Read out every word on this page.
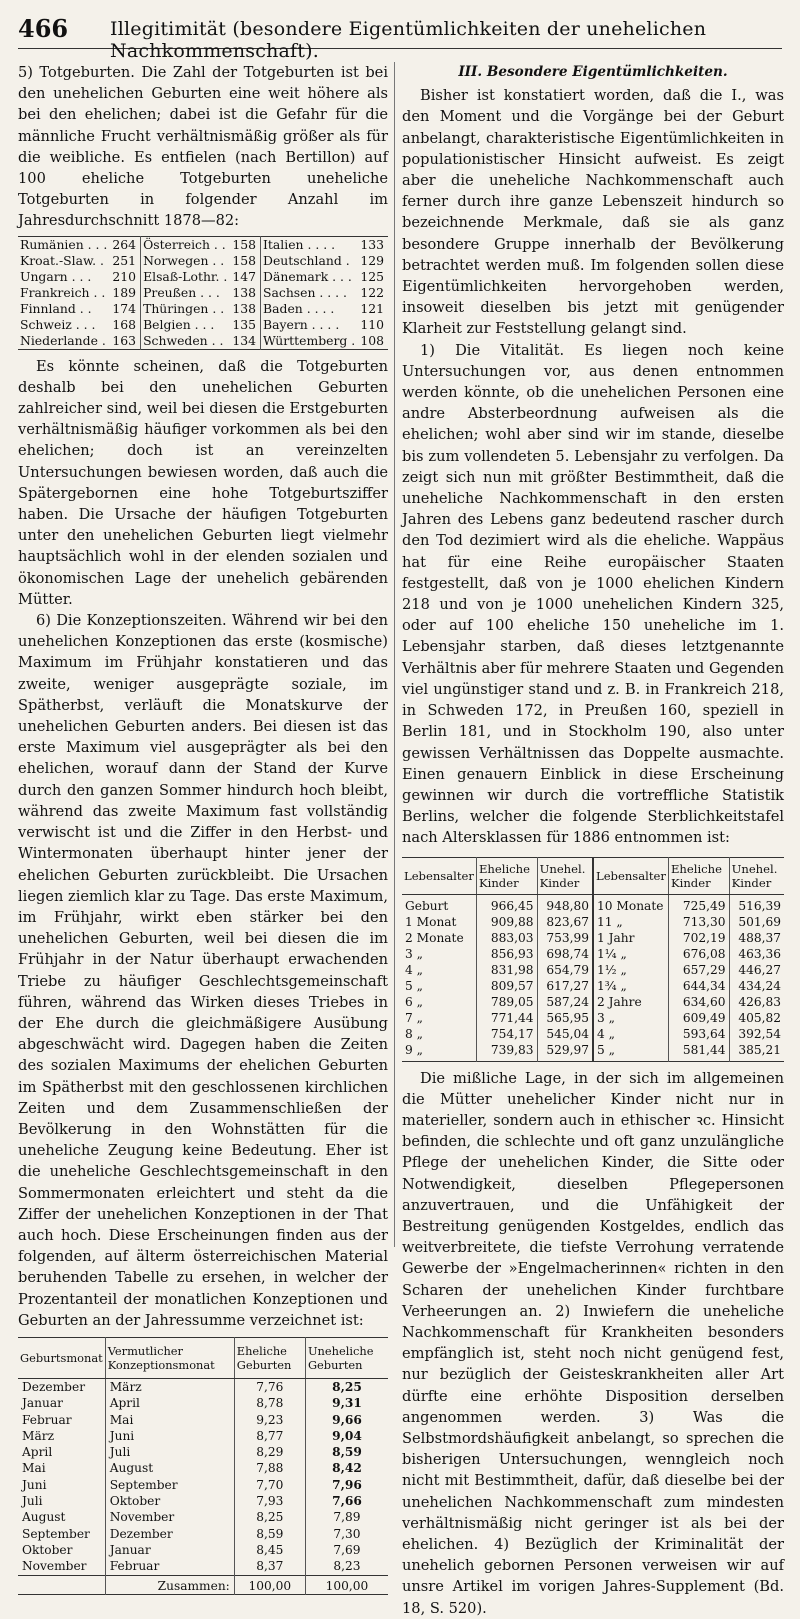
466 Illegitimität (besondere Eigentümlichkeiten der unehelichen Nachkommenschaft).

5) Totgeburten. Die Zahl der Totgeburten ist bei den unehelichen Geburten eine weit höhere als bei den ehelichen; dabei ist die Gefahr für die männliche Frucht verhältnismäßig größer als für die weibliche. Es entfielen (nach Bertillon) auf 100 eheliche Totgeburten uneheliche Totgeburten in folgender Anzahl im Jahresdurchschnitt 1878—82:

Rumänien . . .	264	Österreich . .	158	Italien . . . .	133
Kroat.-Slaw. .	251	Norwegen . .	158	Deutschland .	129
Ungarn . . .	210	Elsaß-Lothr. .	147	Dänemark . . .	125
Frankreich . .	189	Preußen . . .	138	Sachsen . . . .	122
Finnland . .	174	Thüringen . .	138	Baden . . . .	121
Schweiz . . .	168	Belgien . . .	135	Bayern . . . .	110
Niederlande .	163	Schweden . .	134	Württemberg .	108

Es könnte scheinen, daß die Totgeburten deshalb bei den unehelichen Geburten zahlreicher sind, weil bei diesen die Erstgeburten verhältnismäßig häufiger vorkommen als bei den ehelichen; doch ist an vereinzelten Untersuchungen bewiesen worden, daß auch die Spätergebornen eine hohe Totgeburtsziffer haben. Die Ursache der häufigen Totgeburten unter den unehelichen Geburten liegt vielmehr hauptsächlich wohl in der elenden sozialen und ökonomischen Lage der unehelich gebärenden Mütter.

6) Die Konzeptionszeiten. Während wir bei den unehelichen Konzeptionen das erste (kosmische) Maximum im Frühjahr konstatieren und das zweite, weniger ausgeprägte soziale, im Spätherbst, verläuft die Monatskurve der unehelichen Geburten anders. Bei diesen ist das erste Maximum viel ausgeprägter als bei den ehelichen, worauf dann der Stand der Kurve durch den ganzen Sommer hindurch hoch bleibt, während das zweite Maximum fast vollständig verwischt ist und die Ziffer in den Herbst- und Wintermonaten überhaupt hinter jener der ehelichen Geburten zurückbleibt. Die Ursachen liegen ziemlich klar zu Tage. Das erste Maximum, im Frühjahr, wirkt eben stärker bei den unehelichen Geburten, weil bei diesen die im Frühjahr in der Natur überhaupt erwachenden Triebe zu häufiger Geschlechtsgemeinschaft führen, während das Wirken dieses Triebes in der Ehe durch die gleichmäßigere Ausübung abgeschwächt wird. Dagegen haben die Zeiten des sozialen Maximums der ehelichen Geburten im Spätherbst mit den geschlossenen kirchlichen Zeiten und dem Zusammenschließen der Bevölkerung in den Wohnstätten für die uneheliche Zeugung keine Bedeutung. Eher ist die uneheliche Geschlechtsgemeinschaft in den Sommermonaten erleichtert und steht da die Ziffer der unehelichen Konzeptionen in der That auch hoch. Diese Erscheinungen finden aus der folgenden, auf älterm österreichischen Material beruhenden Tabelle zu ersehen, in welcher der Prozentanteil der monatlichen Konzeptionen und Geburten an der Jahressumme verzeichnet ist:

Geburtsmonat	Vermutlicher Konzeptionsmonat	Eheliche Geburten	Uneheliche Geburten
Dezember	März	7,76	8,25
Januar	April	8,78	9,31
Februar	Mai	9,23	9,66
März	Juni	8,77	9,04
April	Juli	8,29	8,59
Mai	August	7,88	8,42
Juni	September	7,70	7,96
Juli	Oktober	7,93	7,66
August	November	8,25	7,89
September	Dezember	8,59	7,30
Oktober	Januar	8,45	7,69
November	Februar	8,37	8,23
	Zusammen:	100,00	100,00
III. Besondere Eigentümlichkeiten.

Bisher ist konstatiert worden, daß die I., was den Moment und die Vorgänge bei der Geburt anbelangt, charakteristische Eigentümlichkeiten in populationistischer Hinsicht aufweist. Es zeigt aber die uneheliche Nachkommenschaft auch ferner durch ihre ganze Lebenszeit hindurch so bezeichnende Merkmale, daß sie als ganz besondere Gruppe innerhalb der Bevölkerung betrachtet werden muß. Im folgenden sollen diese Eigentümlichkeiten hervorgehoben werden, insoweit dieselben bis jetzt mit genügender Klarheit zur Feststellung gelangt sind.

1) Die Vitalität. Es liegen noch keine Untersuchungen vor, aus denen entnommen werden könnte, ob die unehelichen Personen eine andre Absterbeordnung aufweisen als die ehelichen; wohl aber sind wir im stande, dieselbe bis zum vollendeten 5. Lebensjahr zu verfolgen. Da zeigt sich nun mit größter Bestimmtheit, daß die uneheliche Nachkommenschaft in den ersten Jahren des Lebens ganz bedeutend rascher durch den Tod dezimiert wird als die eheliche. Wappäus hat für eine Reihe europäischer Staaten festgestellt, daß von je 1000 ehelichen Kindern 218 und von je 1000 unehelichen Kindern 325, oder auf 100 eheliche 150 uneheliche im 1. Lebensjahr starben, daß dieses letztgenannte Verhältnis aber für mehrere Staaten und Gegenden viel ungünstiger stand und z. B. in Frankreich 218, in Schweden 172, in Preußen 160, speziell in Berlin 181, und in Stockholm 190, also unter gewissen Verhältnissen das Doppelte ausmachte. Einen genauern Einblick in diese Erscheinung gewinnen wir durch die vortreffliche Statistik Berlins, welcher die folgende Sterblichkeitstafel nach Altersklassen für 1886 entnommen ist:

Lebensalter	Eheliche Kinder	Unehel. Kinder	Lebensalter	Eheliche Kinder	Unehel. Kinder
Geburt	966,45	948,80	10 Monate	725,49	516,39
1 Monat	909,88	823,67	11 „	713,30	501,69
2 Monate	883,03	753,99	1 Jahr	702,19	488,37
3 „	856,93	698,74	1¼ „	676,08	463,36
4 „	831,98	654,79	1½ „	657,29	446,27
5 „	809,57	617,27	1¾ „	644,34	434,24
6 „	789,05	587,24	2 Jahre	634,60	426,83
7 „	771,44	565,95	3 „	609,49	405,82
8 „	754,17	545,04	4 „	593,64	392,54
9 „	739,83	529,97	5 „	581,44	385,21

Die mißliche Lage, in der sich im allgemeinen die Mütter unehelicher Kinder nicht nur in materieller, sondern auch in ethischer ꝛc. Hinsicht befinden, die schlechte und oft ganz unzulängliche Pflege der unehelichen Kinder, die Sitte oder Notwendigkeit, dieselben Pflegepersonen anzuvertrauen, und die Unfähigkeit der Bestreitung genügenden Kostgeldes, endlich das weitverbreitete, die tiefste Verrohung verratende Gewerbe der »Engelmacherinnen« richten in den Scharen der unehelichen Kinder furchtbare Verheerungen an. 2) Inwiefern die uneheliche Nachkommenschaft für Krankheiten besonders empfänglich ist, steht noch nicht genügend fest, nur bezüglich der Geisteskrankheiten aller Art dürfte eine erhöhte Disposition derselben angenommen werden. 3) Was die Selbstmordshäufigkeit anbelangt, so sprechen die bisherigen Untersuchungen, wenngleich noch nicht mit Bestimmtheit, dafür, daß dieselbe bei der unehelichen Nachkommenschaft zum mindesten verhältnismäßig nicht geringer ist als bei der ehelichen. 4) Bezüglich der Kriminalität der unehelich gebornen Personen verweisen wir auf unsre Artikel im vorigen Jahres-Supplement (Bd. 18, S. 520).
